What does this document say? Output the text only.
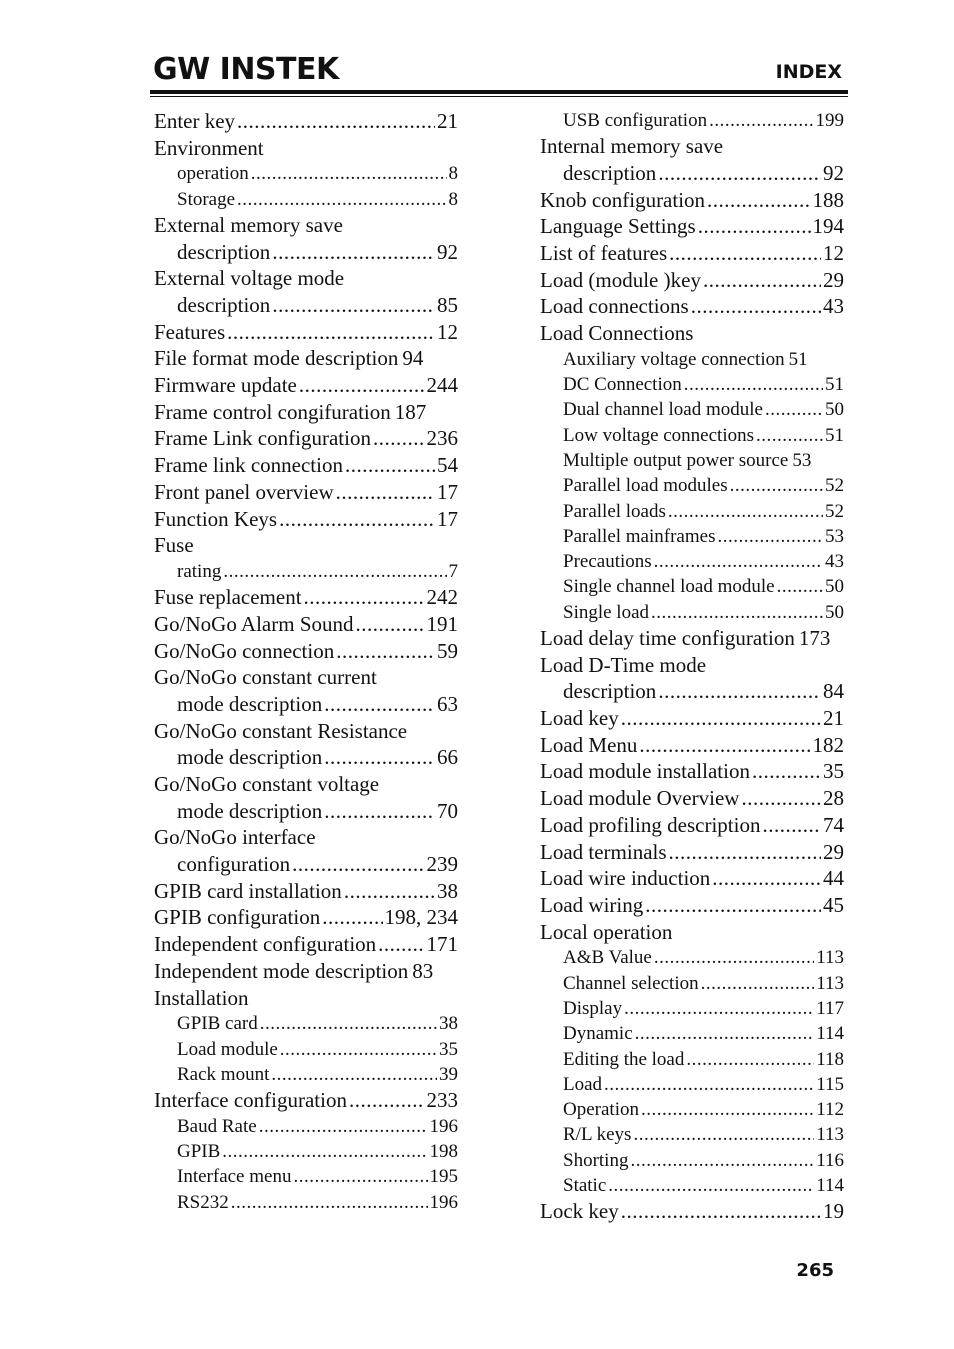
GW INSTEK	INDEX
Enter key .....	21
Environment
operation .....	8
Storage .....	8
External memory save
description .....	92
External voltage mode
description .....	85
Features .....	12
File format mode description 94
Firmware update .....	244
Frame control congifuration 187
Frame Link configuration .....	236
Frame link connection .....	54
Front panel overview .....	17
Function Keys .....	17
Fuse
rating .....	7
Fuse replacement .....	242
Go/NoGo Alarm Sound .....	191
Go/NoGo connection .....	59
Go/NoGo constant current
mode description .....	63
Go/NoGo constant Resistance
mode description .....	66
Go/NoGo constant voltage
mode description .....	70
Go/NoGo interface
configuration .....	239
GPIB card installation .....	38
GPIB configuration .....	198, 234
Independent configuration ..... 171
Independent mode description 83
Installation
GPIB card .....	38
Load module .....	35
Rack mount .....	39
Interface configuration .....	233
Baud Rate .....	196
GPIB .....	198
Interface menu .....	195
RS232 .....	196
USB configuration .....	199
Internal memory save
description .....	92
Knob configuration .....	188
Language Settings .....	194
List of features .....	12
Load (module )key .....	29
Load connections .....	43
Load Connections
Auxiliary voltage connection 51
DC Connection .....	51
Dual channel load module .....	50
Low voltage connections .....	51
Multiple output power source 53
Parallel load modules .....	52
Parallel loads .....	52
Parallel mainframes .....	53
Precautions .....	43
Single channel load module .....	50
Single load .....	50
Load delay time configuration 173
Load D-Time mode
description .....	84
Load key .....	21
Load Menu .....	182
Load module installation .....	35
Load module Overview .....	28
Load profiling description .....	74
Load terminals .....	29
Load wire induction .....	44
Load wiring .....	45
Local operation
A&B Value .....	113
Channel selection .....	113
Display .....	117
Dynamic .....	114
Editing the load .....	118
Load .....	115
Operation .....	112
R/L keys .....	113
Shorting .....	116
Static .....	114
Lock key .....	19
265
